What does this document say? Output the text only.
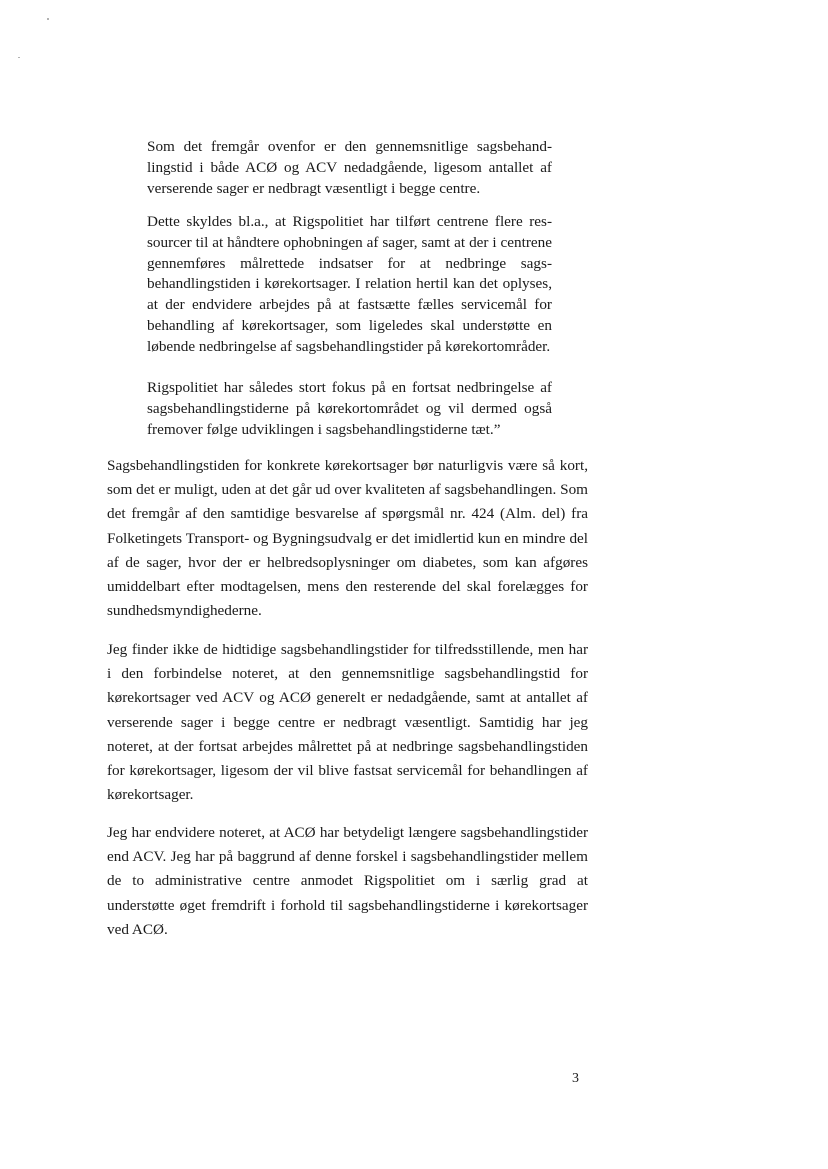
Som det fremgår ovenfor er den gennemsnitlige sagsbehandlingstid i både ACØ og ACV nedadgående, ligesom antallet af verserende sager er nedbragt væsentligt i begge centre.
Dette skyldes bl.a., at Rigspolitiet har tilført centrene flere ressourcer til at håndtere ophobningen af sager, samt at der i centrene gennemføres målrettede indsatser for at nedbringe sagsbehandlingstiden i kørekortsager. I relation hertil kan det oplyses, at der endvidere arbejdes på at fastsætte fælles servicemål for behandling af kørekortsager, som ligeledes skal understøtte en løbende nedbringelse af sagsbehandlingstider på kørekortområder.
Rigspolitiet har således stort fokus på en fortsat nedbringelse af sagsbehandlingstiderne på kørekortområdet og vil dermed også fremover følge udviklingen i sagsbehandlingstiderne tæt.”
Sagsbehandlingstiden for konkrete kørekortsager bør naturligvis være så kort, som det er muligt, uden at det går ud over kvaliteten af sagsbehandlingen. Som det fremgår af den samtidige besvarelse af spørgsmål nr. 424 (Alm. del) fra Folketingets Transport- og Bygningsudvalg er det imidlertid kun en mindre del af de sager, hvor der er helbredsoplysninger om diabetes, som kan afgøres umiddelbart efter modtagelsen, mens den resterende del skal forelægges for sundhedsmyndighederne.
Jeg finder ikke de hidtidige sagsbehandlingstider for tilfredsstillende, men har i den forbindelse noteret, at den gennemsnitlige sagsbehandlingstid for kørekortsager ved ACV og ACØ generelt er nedadgående, samt at antallet af verserende sager i begge centre er nedbragt væsentligt. Samtidig har jeg noteret, at der fortsat arbejdes målrettet på at nedbringe sagsbehandlingstiden for kørekortsager, ligesom der vil blive fastsat servicemål for behandlingen af kørekortsager.
Jeg har endvidere noteret, at ACØ har betydeligt længere sagsbehandlingstider end ACV. Jeg har på baggrund af denne forskel i sagsbehandlingstider mellem de to administrative centre anmodet Rigspolitiet om i særlig grad at understøtte øget fremdrift i forhold til sagsbehandlingstiderne i kørekortsager ved ACØ.
3
